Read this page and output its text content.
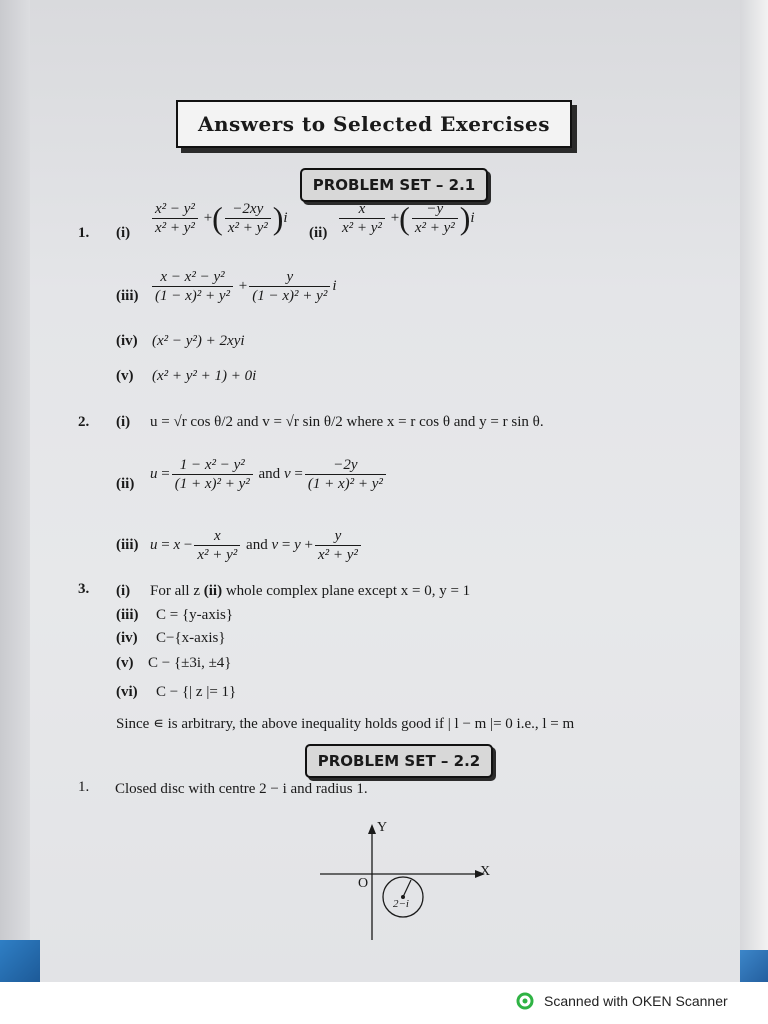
Answers to Selected Exercises
PROBLEM SET – 2.1
1. $(i) \frac{\text{x² − y²}}{\text{x² + y²}}$ +( $\frac{-2xy}{\text{x² + y²}} )i$
$(ii) \frac{x}{\text{x² + y²}}$ +( $\frac{-y}{\text{x² + y²}} )i$
$(iii) \frac{\text{x − x² − y²}}{\text{(1 − x)² + y²}} + \frac{y}{\text{(1 − x)² + y²}}$ i
(iv) (x² − y²) + 2xyi
(v) (x² + y² + 1) + 0i
2. (i) u = √r cos θ/2 and v = √r sin θ/2 where x = r cos θ and y = r sin θ.
(ii)
$u = \frac{\text{1 − x² − y²}}{\text{(1 + x)² + y²}}$ and $v = \frac{-2y}{\text{(1 + x)² + y²}}$
(iii) $u = x - \frac{x}{\text{x² + y²}}$ and $v = y + \frac{y}{\text{x² + y²}}$
3. (i) For all z (ii) whole complex plane except x = 0, y = 1
(iii) C = {y-axis}
(iv) C−{x-axis}
(v) C − {±3i, ±4}
(vi) C − {| z |= 1}
Since ∊ is arbitrary, the above inequality holds good if | l − m |= 0 i.e., l = m
PROBLEM SET – 2.2
1. Closed disc with centre 2 − i and radius 1.
Y
X
O
2−i
Scanned with OKEN Scanner
